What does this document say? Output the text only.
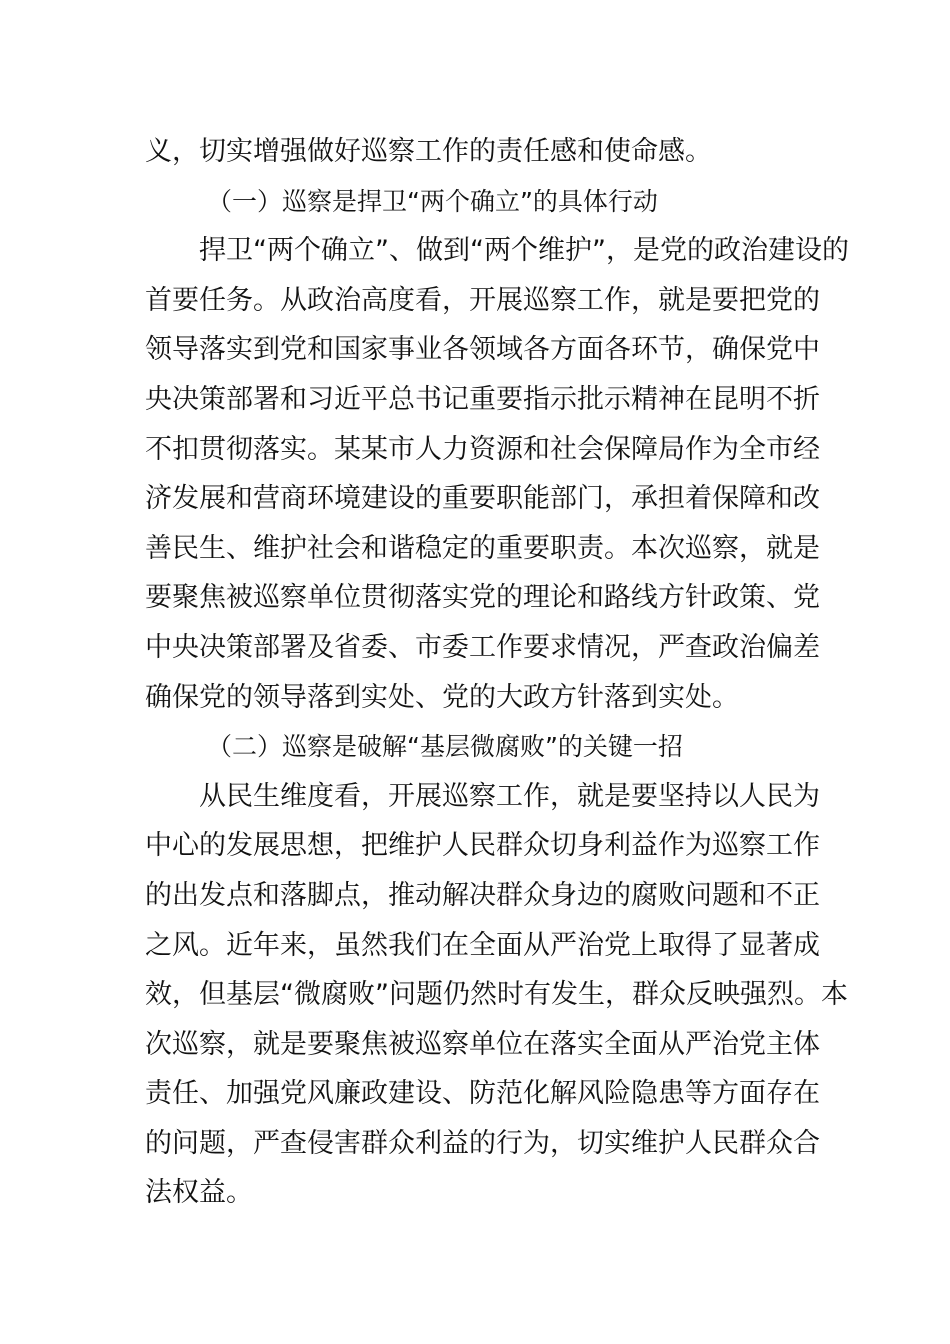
义，切实增强做好巡察工作的责任感和使命感。
（一）巡察是捍卫“两个确立”的具体行动
捍卫“两个确立”、做到“两个维护”，是党的政治建设的
首要任务。从政治高度看，开展巡察工作，就是要把党的
领导落实到党和国家事业各领域各方面各环节，确保党中
央决策部署和习近平总书记重要指示批示精神在昆明不折
不扣贯彻落实。某某市人力资源和社会保障局作为全市经
济发展和营商环境建设的重要职能部门，承担着保障和改
善民生、维护社会和谐稳定的重要职责。本次巡察，就是
要聚焦被巡察单位贯彻落实党的理论和路线方针政策、党
中央决策部署及省委、市委工作要求情况，严查政治偏差
确保党的领导落到实处、党的大政方针落到实处。
（二）巡察是破解“基层微腐败”的关键一招
从民生维度看，开展巡察工作，就是要坚持以人民为
中心的发展思想，把维护人民群众切身利益作为巡察工作
的出发点和落脚点，推动解决群众身边的腐败问题和不正
之风。近年来，虽然我们在全面从严治党上取得了显著成
效，但基层“微腐败”问题仍然时有发生，群众反映强烈。本
次巡察，就是要聚焦被巡察单位在落实全面从严治党主体
责任、加强党风廉政建设、防范化解风险隐患等方面存在
的问题，严查侵害群众利益的行为，切实维护人民群众合
法权益。
